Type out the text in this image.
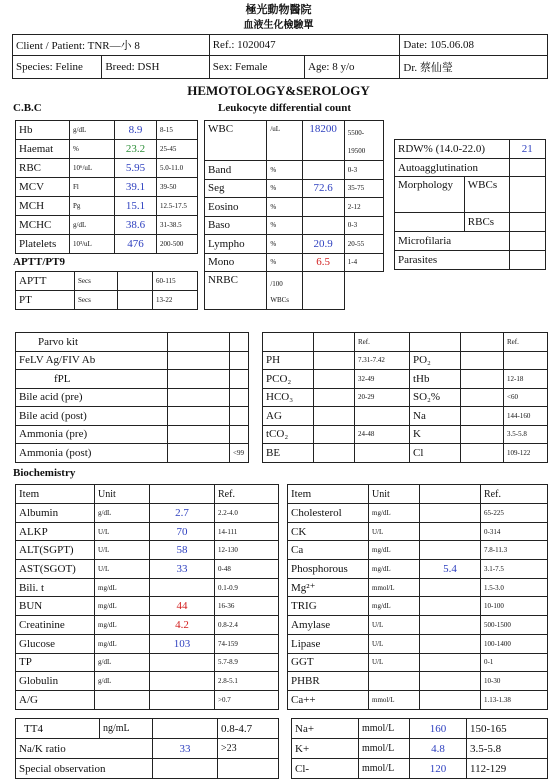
極光動物醫院
血液生化檢驗單
Client / Patient: TNR—小 8		Ref.: 1020047		Date: 105.06.08
Species: Feline	Breed: DSH	Sex: Female	Age: 8 y/o	Dr. 蔡仙瑩
HEMOTOLOGY&SEROLOGY
C.B.C	Leukocyte differential count
Hb	g/dL	8.9	8-15
Haemat	%	23.2	25-45
RBC	10⁶/uL	5.95	5.0-11.0
MCV	Fl	39.1	39-50
MCH	Pg	15.1	12.5-17.5
MCHC	g/dL	38.6	31-38.5
Platelets	10³/uL	476	200-500
WBC	/uL	18200	5500-
19500
Band	%		0-3
Seg	%	72.6	35-75
Eosino	%		2-12
Baso	%		0-3
Lympho	%	20.9	20-55
Mono	%	6.5	1-4
NRBC	/100
WBCs		
RDW% (14.0-22.0)		21
Autoagglutination		
Morphology	WBCs	

	RBCs	
Microfilaria		
Parasites		
APTT/PT9
APTT	Secs		60-115
PT	Secs		13-22
Parvo kit		
FeLV Ag/FIV Ab		
fPL		
Bile acid (pre)		
Bile acid (post)		
Ammonia (pre)		
Ammonia (post)		<99
		Ref.			Ref.
PH		7.31-7.42	PO₂		
PCO₂		32-49	tHb		12-18
HCO₃		20-29	SO₂%		<60
AG			Na		144-160
tCO₂		24-48	K		3.5-5.8
BE			Cl		109-122
Biochemistry
Item	Unit		Ref.
Albumin	g/dL	2.7	2.2-4.0
ALKP	U/L	70	14-111
ALT(SGPT)	U/L	58	12-130
AST(SGOT)	U/L	33	0-48
Bili. t	mg/dL		0.1-0.9
BUN	mg/dL	44	16-36
Creatinine	mg/dL	4.2	0.8-2.4
Glucose	mg/dL	103	74-159
TP	g/dL		5.7-8.9
Globulin	g/dL		2.8-5.1
A/G			>0.7
Item	Unit		Ref.
Cholesterol	mg/dL		65-225
CK	U/L		0-314
Ca	mg/dL		7.8-11.3
Phosphorous	mg/dL	5.4	3.1-7.5
Mg²⁺	mmol/L		1.5-3.0
TRIG	mg/dL		10-100
Amylase	U/L		500-1500
Lipase	U/L		100-1400
GGT	U/L		0-1
PHBR			10-30
Ca++	mmol/L		1.13-1.38
TT4	ng/mL		0.8-4.7
Na/K ratio		33	>23
Special observation			
Na+	mmol/L	160	150-165
K+	mmol/L	4.8	3.5-5.8
Cl-	mmol/L	120	112-129
